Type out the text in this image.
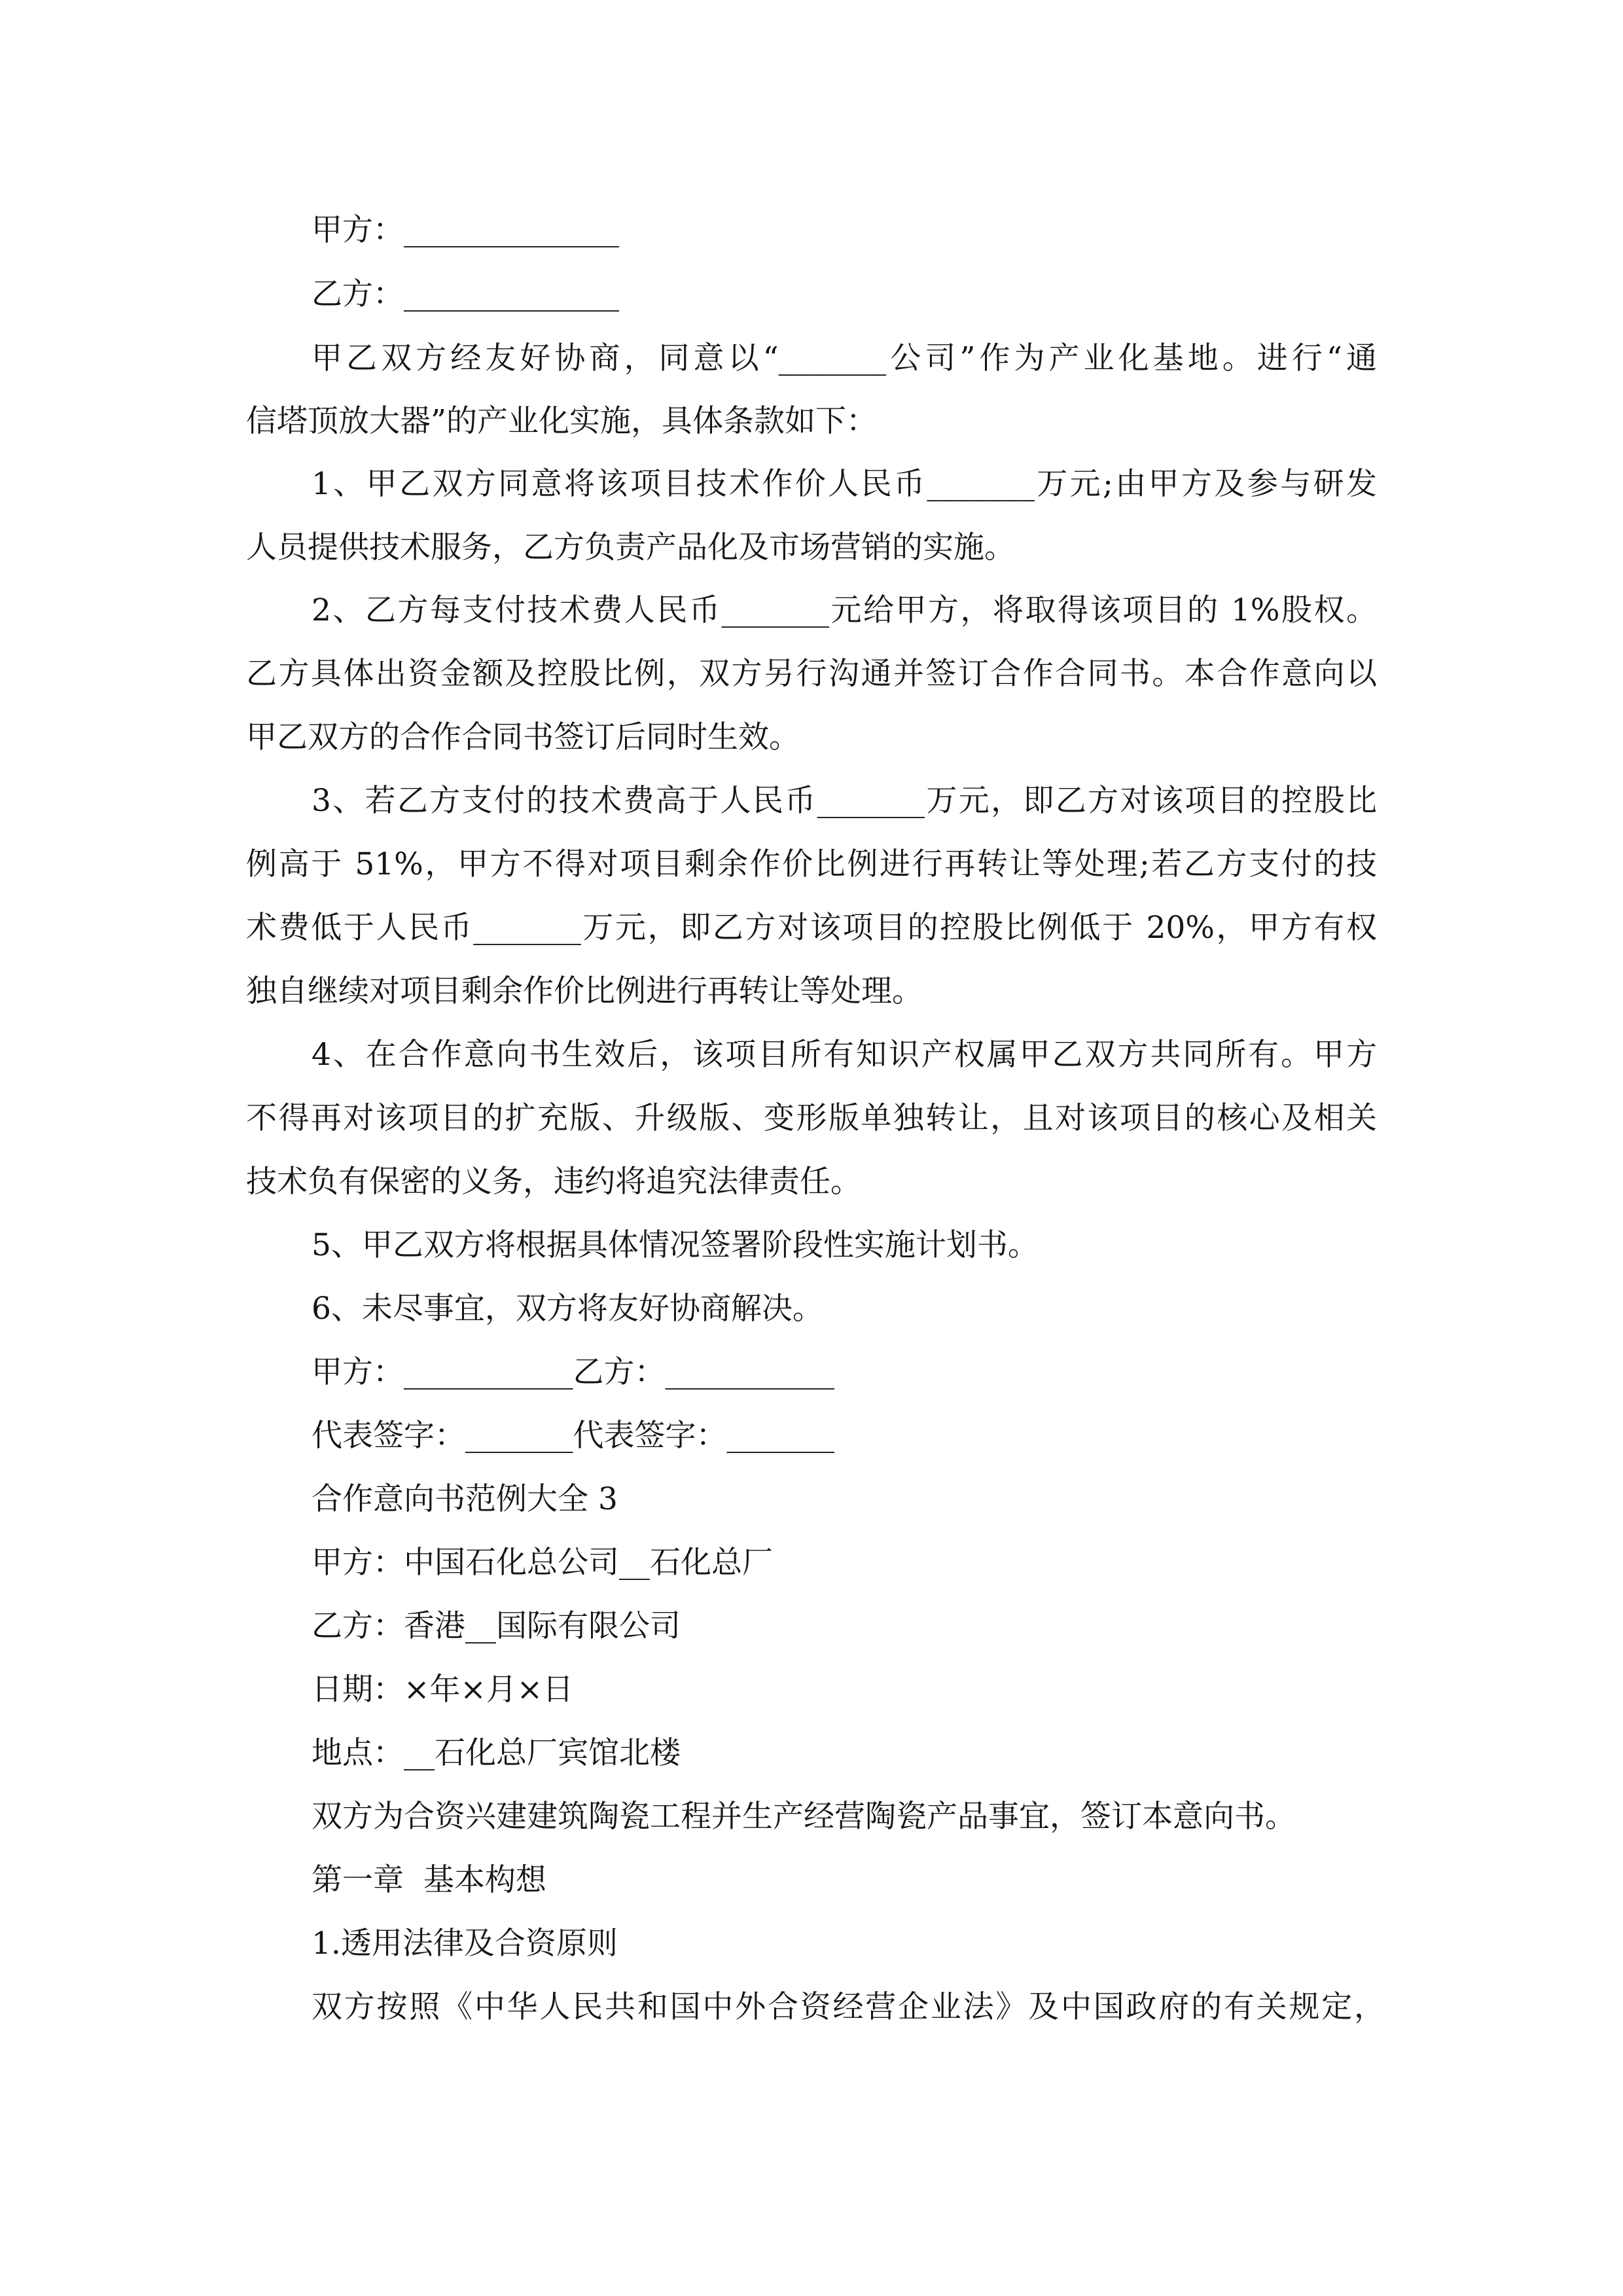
甲方：______________
乙方：______________
甲乙双方经友好协商，同意以“_______公司”作为产业化基地。进行“通
信塔顶放大器”的产业化实施，具体条款如下：
1、甲乙双方同意将该项目技术作价人民币_______万元;由甲方及参与研发
人员提供技术服务，乙方负责产品化及市场营销的实施。
2、乙方每支付技术费人民币_______元给甲方，将取得该项目的 1%股权。
乙方具体出资金额及控股比例，双方另行沟通并签订合作合同书。本合作意向以
甲乙双方的合作合同书签订后同时生效。
3、若乙方支付的技术费高于人民币_______万元，即乙方对该项目的控股比
例高于 51%，甲方不得对项目剩余作价比例进行再转让等处理;若乙方支付的技
术费低于人民币_______万元，即乙方对该项目的控股比例低于 20%，甲方有权
独自继续对项目剩余作价比例进行再转让等处理。
4、在合作意向书生效后，该项目所有知识产权属甲乙双方共同所有。甲方
不得再对该项目的扩充版、升级版、变形版单独转让，且对该项目的核心及相关
技术负有保密的义务，违约将追究法律责任。
5、甲乙双方将根据具体情况签署阶段性实施计划书。
6、未尽事宜，双方将友好协商解决。
甲方：___________乙方：___________
代表签字：_______代表签字：_______
合作意向书范例大全 3
甲方：中国石化总公司__石化总厂
乙方：香港__国际有限公司
日期：×年×月×日
地点：__石化总厂宾馆北楼
双方为合资兴建建筑陶瓷工程并生产经营陶瓷产品事宜，签订本意向书。
第一章  基本构想
1.透用法律及合资原则
双方按照《中华人民共和国中外合资经营企业法》及中国政府的有关规定，
